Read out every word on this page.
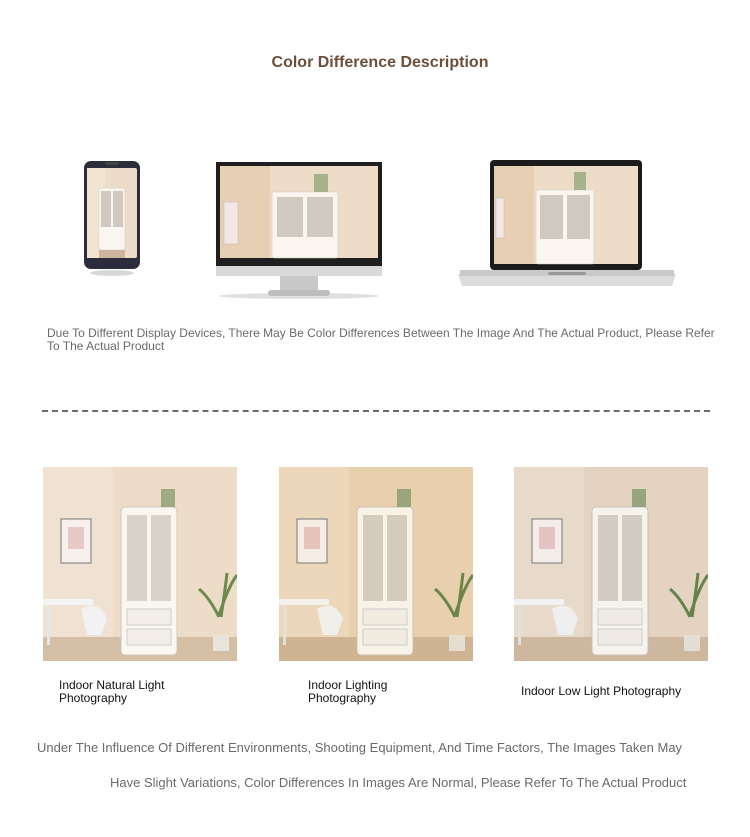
Color Difference Description
Due To Different Display Devices, There May Be Color Differences Between The Image And The Actual Product, Please Refer To The Actual Product
Indoor Natural Light Photography
Indoor Lighting Photography	Indoor Low Light Photography
Under The Influence Of Different Environments, Shooting Equipment, And Time Factors, The Images Taken May
Have Slight Variations, Color Differences In Images Are Normal, Please Refer To The Actual Product
